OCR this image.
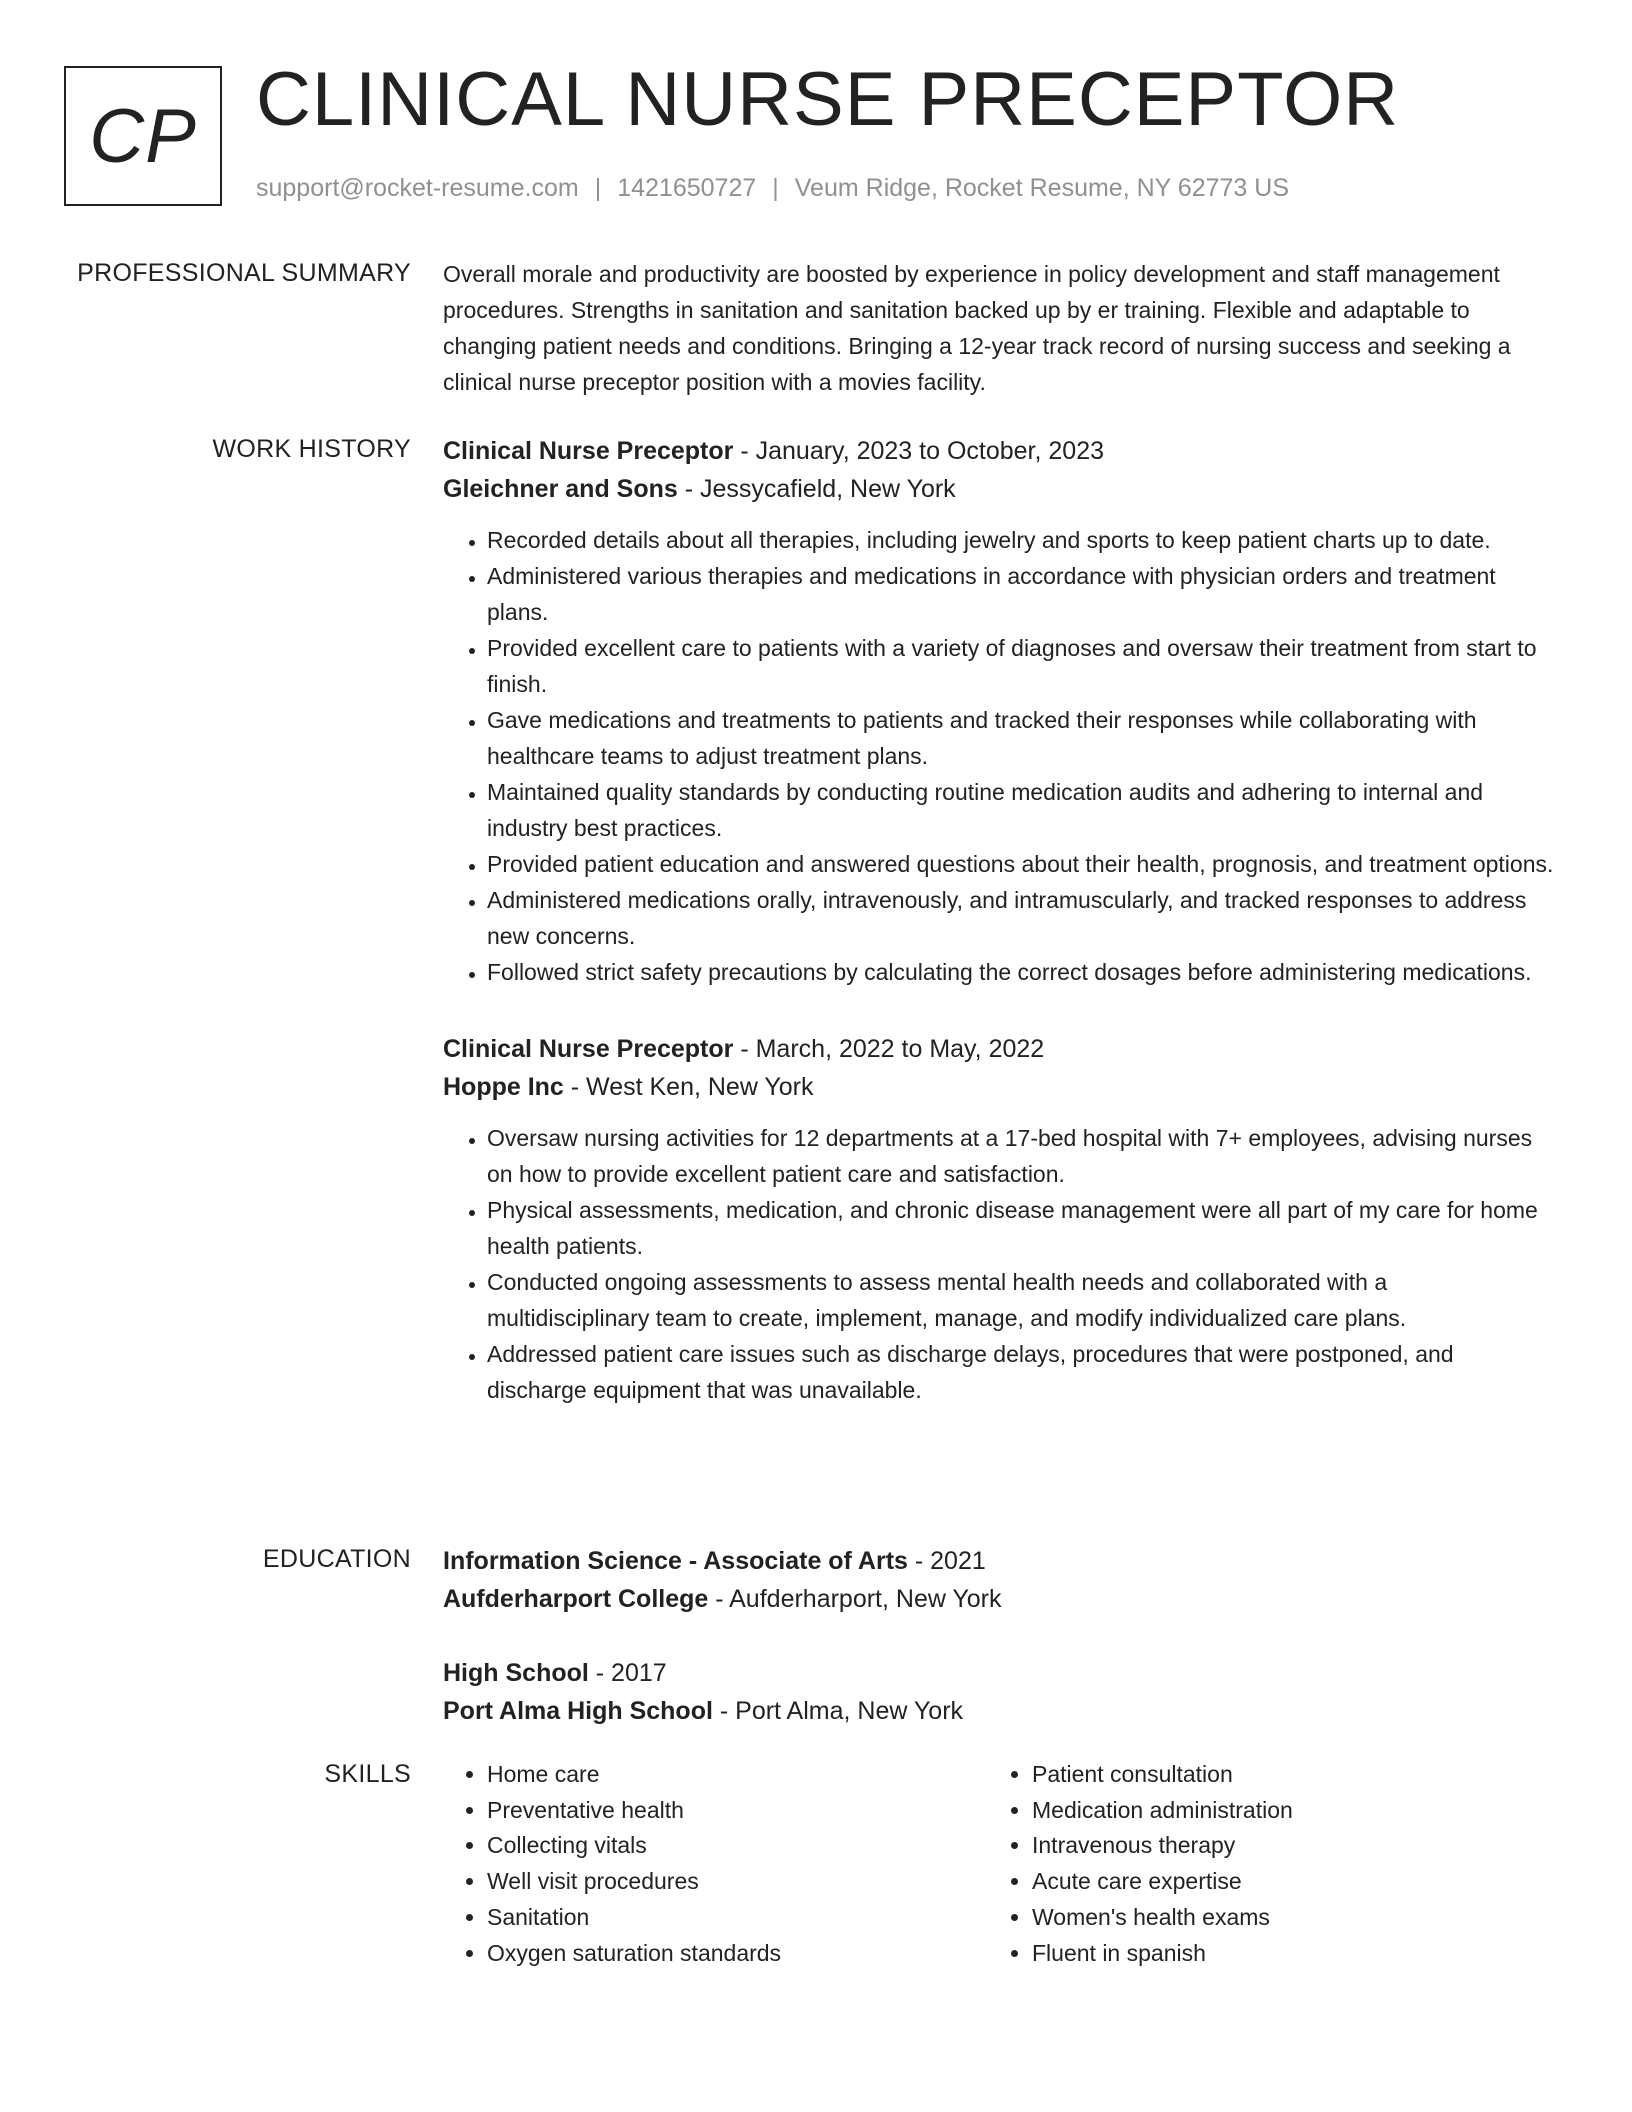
CP CLINICAL NURSE PRECEPTOR
support@rocket-resume.com | 1421650727 | Veum Ridge, Rocket Resume, NY 62773 US
PROFESSIONAL SUMMARY Overall morale and productivity are boosted by experience in policy development and staff management procedures. Strengths in sanitation and sanitation backed up by er training. Flexible and adaptable to changing patient needs and conditions. Bringing a 12-year track record of nursing success and seeking a clinical nurse preceptor position with a movies facility.

WORK HISTORY Clinical Nurse Preceptor - January, 2023 to October, 2023
Gleichner and Sons - Jessycafield, New York
• Recorded details about all therapies, including jewelry and sports to keep patient charts up to date.
• Administered various therapies and medications in accordance with physician orders and treatment plans.
• Provided excellent care to patients with a variety of diagnoses and oversaw their treatment from start to finish.
• Gave medications and treatments to patients and tracked their responses while collaborating with healthcare teams to adjust treatment plans.
• Maintained quality standards by conducting routine medication audits and adhering to internal and industry best practices.
• Provided patient education and answered questions about their health, prognosis, and treatment options.
• Administered medications orally, intravenously, and intramuscularly, and tracked responses to address new concerns.
• Followed strict safety precautions by calculating the correct dosages before administering medications.
Clinical Nurse Preceptor - March, 2022 to May, 2022
Hoppe Inc - West Ken, New York
• Oversaw nursing activities for 12 departments at a 17-bed hospital with 7+ employees, advising nurses on how to provide excellent patient care and satisfaction.
• Physical assessments, medication, and chronic disease management were all part of my care for home health patients.
• Conducted ongoing assessments to assess mental health needs and collaborated with a multidisciplinary team to create, implement, manage, and modify individualized care plans.
• Addressed patient care issues such as discharge delays, procedures that were postponed, and discharge equipment that was unavailable.
EDUCATION Information Science - Associate of Arts - 2021
Aufderharport College - Aufderharport, New York
High School - 2017
Port Alma High School - Port Alma, New York
SKILLS
•	Home care
• Preventative health
• Collecting vitals
• Well visit procedures
• Sanitation
• Oxygen saturation standards
• Patient consultation
• Medication administration
• Intravenous therapy
• Acute care expertise
• Women's health exams
• Fluent in spanish
